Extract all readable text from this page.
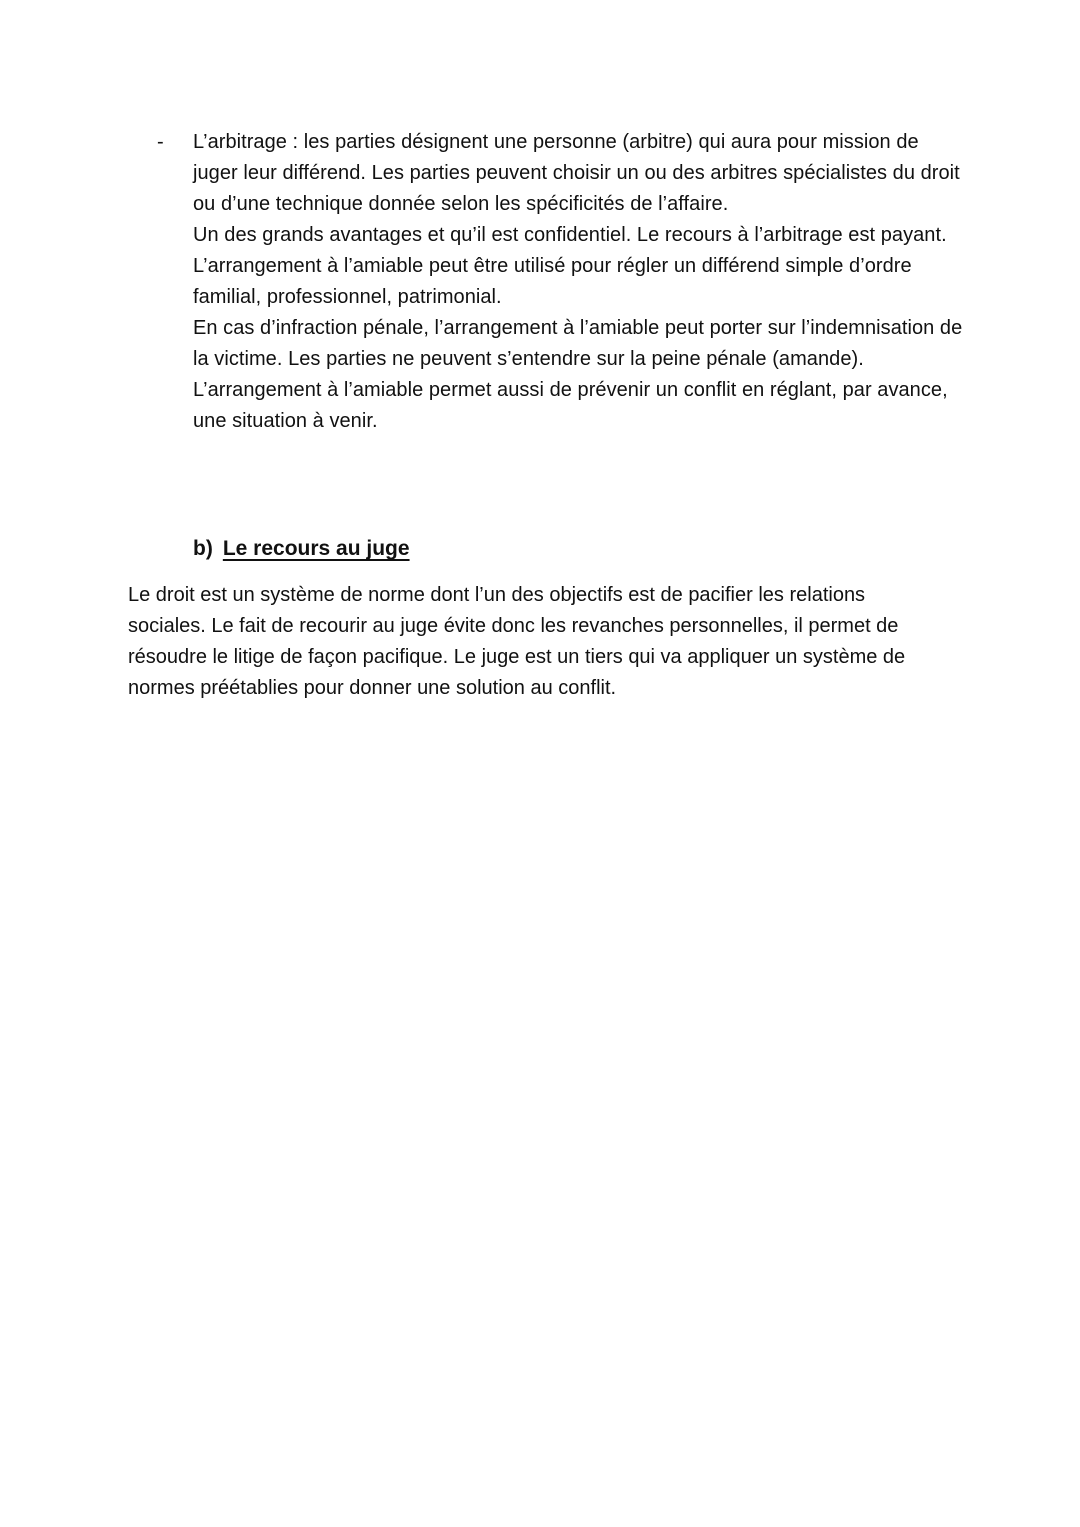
- L’arbitrage : les parties désignent une personne (arbitre) qui aura pour mission de juger leur différend. Les parties peuvent choisir un ou des arbitres spécialistes du droit ou d’une technique donnée selon les spécificités de l’affaire.

Un des grands avantages et qu’il est confidentiel. Le recours à l’arbitrage est payant. L’arrangement à l’amiable peut être utilisé pour régler un différend simple d’ordre familial, professionnel, patrimonial.

En cas d’infraction pénale, l’arrangement à l’amiable peut porter sur l’indemnisation de la victime. Les parties ne peuvent s’entendre sur la peine pénale (amande).

L’arrangement à l’amiable permet aussi de prévenir un conflit en réglant, par avance, une situation à venir.

b) Le recours au juge

Le droit est un système de norme dont l’un des objectifs est de pacifier les relations sociales. Le fait de recourir au juge évite donc les revanches personnelles, il permet de résoudre le litige de façon pacifique. Le juge est un tiers qui va appliquer un système de normes préétablies pour donner une solution au conflit.
